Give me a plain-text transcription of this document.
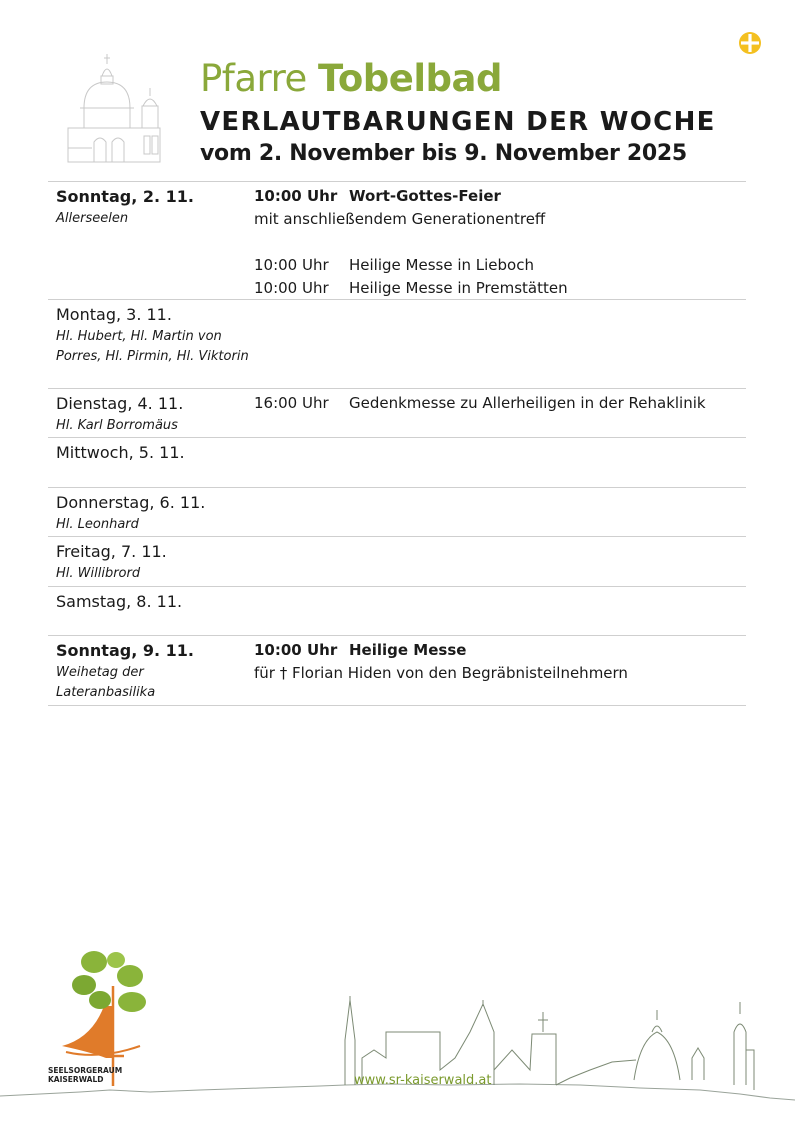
Pfarre Tobelbad
VERLAUTBARUNGEN DER WOCHE
vom 2. November bis 9. November 2025
Sonntag, 2. 11.
Allerseelen
10:00 Uhr Wort-Gottes-Feier
mit anschließendem Generationentreff
10:00 Uhr	Heilige Messe in Lieboch
10:00 Uhr	Heilige Messe in Premstätten
Montag, 3. 11.
Hl. Hubert, Hl. Martin von Porres, Hl. Pirmin, Hl. Viktorin
Dienstag, 4. 11.
Hl. Karl Borromäus
16:00 Uhr	Gedenkmesse zu Allerheiligen in der Rehaklinik
Mittwoch, 5. 11.
Donnerstag, 6. 11.
Hl. Leonhard
Freitag, 7. 11.
Hl. Willibrord
Samstag, 8. 11.
Sonntag, 9. 11.
Weihetag der Lateranbasilika
10:00 Uhr Heilige Messe
für † Florian Hiden von den Begräbnisteilnehmern
SEELSORGERAUM
KAISERWALD	www.sr-kaiserwald.at
